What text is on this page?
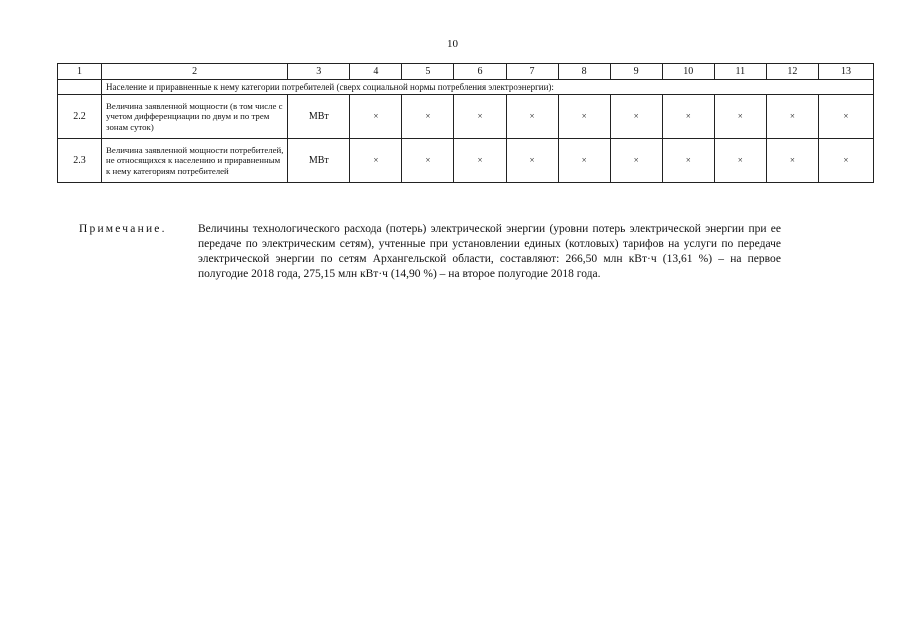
10
1	2	3	4	5	6	7	8	9	10	11	12	13
	Население и приравненные к нему категории потребителей (сверх социальной нормы потребления электроэнергии):											
2.2	Величина заявленной мощности (в том числе с учетом дифференциации по двум и по трем зонам суток)	МВт	×	×	×	×	×	×	×	×	×	×
2.3	Величина заявленной мощности потребителей, не относящихся к населению и приравненным к нему категориям потребителей	МВт	×	×	×	×	×	×	×	×	×	×
Примечание.	Величины технологического расхода (потерь) электрической энергии (уровни потерь электрической энергии при ее передаче по электрическим сетям), учтенные при установлении единых (котловых) тарифов на услуги по передаче электрической энергии по сетям Архангельской области, составляют: 266,50 млн кВт·ч (13,61 %) – на первое полугодие 2018 года, 275,15 млн кВт·ч (14,90 %) – на второе полугодие 2018 года.
